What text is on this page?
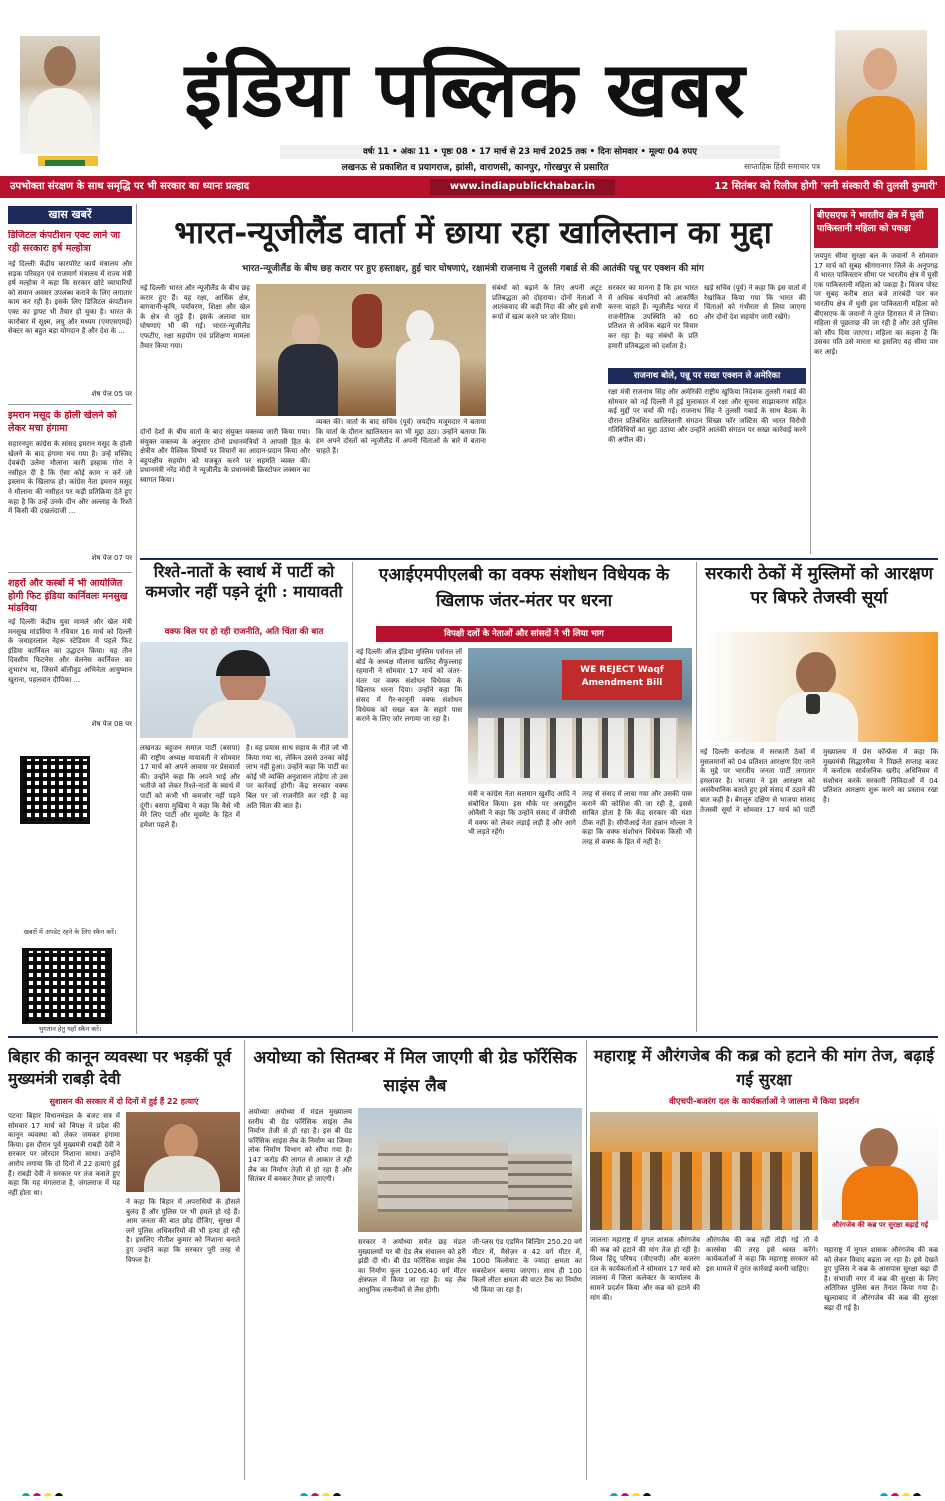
इंडिया पब्लिक खबर
वर्षः 11 • अंकः 11 • पृष्ठः 08 • 17 मार्च से 23 मार्च 2025 तक • दिनः सोमवार • मूल्यः 04 रुपए
लखनऊ से प्रकाशित व प्रयागराज, झांसी, वाराणसी, कानपुर, गोरखपुर से प्रसारित	साप्ताहिक हिंदी समाचार पत्र
उपभोक्ता संरक्षण के साथ समृद्धि पर भी सरकार का ध्यानः प्रल्हाद	www.indiapublickhabar.in	12 सितंबर को रिलीज होगी 'सनी संस्कारी की तुलसी कुमारी'
खास खबरें
डिजिटल कंपटीशन एक्ट लाने जा रही सरकारः हर्ष मल्होत्रा
नई दिल्लीः केंद्रीय कारपोरेट कार्य मंत्रालय और सड़क परिवहन एवं राजमार्ग मंत्रालय में राज्य मंत्री हर्ष मल्होत्रा ने कहा कि सरकार छोटे व्यापारियों को समान अवसर उपलब्ध कराने के लिए लगातार काम कर रही है। इसके लिए डिजिटल कंपटीशन एक्ट का ड्राफ्ट भी तैयार हो चुका है। भारत के कारोबार में सूक्ष्म, लघु और मध्यम (एमएसएमई) सेक्टर का बहुत बड़ा योगदान है और देश के ...
शेष पेज 05 पर
इमरान मसूद के होली खेलने को लेकर मचा हंगामा
सहारनपुरः कांग्रेस के सांसद इमरान मसूद के होली खेलने के बाद हंगामा मच गया है। उन्हें मस्जिद देवबंदी उलेमा मौलाना कारी इस्हाक गोरा ने नसीहत दी है कि ऐसा कोई काम न करें जो इस्लाम के खिलाफ हो। कांग्रेस नेता इमरान मसूद ने मौलाना की नसीहत पर कड़ी प्रतिक्रिया देते हुए कहा है कि उन्हें उनके दीन और अल्लाह के रिश्ते में किसी की दखलंदाजी ...
शेष पेज 07 पर
शहरों और कस्बों में भी आयोजित होगी फिट इंडिया कार्निवलः मनसुख मांडविया
नई दिल्लीः केंद्रीय युवा मामले और खेल मंत्री मनसुख मांडविया ने रविवार 16 मार्च को दिल्ली के जवाहरलाल नेहरू स्टेडियम में पहले फिट इंडिया कार्निवल का उद्घाटन किया। यह तीन दिवसीय फिटनेस और वेलनेस कार्निवल का शुभारंभ था, जिसमें बॉलीवुड अभिनेता आयुष्मान खुराना, पहलवान दीपिका ...
शेष पेज 08 पर
खबरों में अपडेट रहने के लिए स्कैन करें।
भुगतान हेतु यहाँ स्कैन करें।
भारत-न्यूजीलैंड वार्ता में छाया रहा खालिस्तान का मुद्दा
भारत-न्यूजीलैंड के बीच छह करार पर हुए हस्ताक्षर, हुई चार घोषणाएं, रक्षामंत्री राजनाथ ने तुलसी गबार्ड से की आतंकी पन्नू पर एक्शन की मांग
नई दिल्लीः भारत और न्यूजीलैंड के बीच छह करार हुए हैं। यह रक्षा, आर्थिक क्षेत्र, बागवानी-कृषि, पर्यावरण, शिक्षा और खेल के क्षेत्र से जुड़े हैं। इसके अलावा चार घोषणाएं भी की गईं। भारत-न्यूजीलैंड एफटीए, रक्षा सहयोग एवं प्रशिक्षण मामला तैयार किया गया।
दोनों देशों के बीच वार्ता के बाद संयुक्त वक्तव्य जारी किया गया। संयुक्त वक्तव्य के अनुसार दोनों प्रधानमंत्रियों ने आपसी हित के क्षेत्रीय और वैश्विक विषयों पर विचारों का आदान-प्रदान किया और बहुपक्षीय सहयोग को मजबूत करने पर सहमति व्यक्त की। प्रधानमंत्री नरेंद्र मोदी ने न्यूजीलैंड के प्रधानमंत्री क्रिस्टोफर लक्सन का स्वागत किया।
व्यक्त की। वार्ता के बाद सचिव (पूर्व) जयदीप मजूमदार ने बताया कि वार्ता के दौरान खालिस्तान का भी मुद्दा उठा। उन्होंने बताया कि हम अपने दोस्तों को न्यूजीलैंड में अपनी चिंताओं के बारे में बताना चाहते हैं।
संबंधों को बढ़ाने के लिए अपनी अटूट प्रतिबद्धता को दोहराया। दोनों नेताओं ने आतंकवाद की कड़ी निंदा की और इसे सभी रूपों में खत्म करने पर जोर दिया।
सरकार का मानना है कि हम भारत में अधिक कंपनियों को आकर्षित करना चाहते हैं। न्यूजीलैंड भारत में राजनीतिक उपस्थिति को 60 प्रतिशत से अधिक बढ़ाने पर विचार कर रहा है। यह संबंधों के प्रति हमारी प्रतिबद्धता को दर्शाता है।
खड़े सचिव (पूर्व) ने कहा कि इस वार्ता में रेखांकित किया गया कि भारत की चिंताओं को गंभीरता से लिया जाएगा और दोनों देश सहयोग जारी रखेंगे।
राजनाथ बोले, पन्नू पर सख्त एक्शन ले अमेरिका
रक्षा मंत्री राजनाथ सिंह और अमेरिकी राष्ट्रीय खुफिया निदेशक तुलसी गबार्ड की सोमवार को नई दिल्ली में हुई मुलाकात में रक्षा और सूचना साझाकरण सहित कई मुद्दों पर चर्चा की गई। राजनाथ सिंह ने तुलसी गबार्ड के साथ बैठक के दौरान प्रतिबंधित खालिस्तानी संगठन सिख्स फॉर जस्टिस की भारत विरोधी गतिविधियों का मुद्दा उठाया और उन्होंने आतंकी संगठन पर सख्त कार्रवाई करने की अपील की।
बीएसएफ ने भारतीय क्षेत्र में घुसी पाकिस्तानी महिला को पकड़ा
जयपुरः सीमा सुरक्षा बल के जवानों ने सोमवार 17 मार्च को सुबह श्रीगंगानगर जिले के अनूपगढ़ में भारत पाकिस्तान सीमा पर भारतीय क्षेत्र में घुसी एक पाकिस्तानी महिला को पकड़ा है। विजय पोस्ट पर सुबह करीब सात बजे तारबंदी पार कर भारतीय क्षेत्र में घुसी इस पाकिस्तानी महिला को बीएसएफ के जवानों ने तुरंत हिरासत में ले लिया। महिला से पूछताछ की जा रही है और उसे पुलिस को सौंप दिया जाएगा। महिला का कहना है कि उसका पति उसे मारता था इसलिए वह सीमा पार कर आई।
रिश्ते-नातों के स्वार्थ में पार्टी को कमजोर नहीं पड़ने दूंगी : मायावती
वक्फ बिल पर हो रही राजनीति, अति चिंता की बात
लखनऊः बहुजन समाज पार्टी (बसपा) की राष्ट्रीय अध्यक्ष मायावती ने सोमवार 17 मार्च को अपने आवास पर प्रेसवार्ता की। उन्होंने कहा कि अपने भाई और भतीजे को लेकर रिश्ते-नातों के स्वार्थ में पार्टी को कभी भी कमजोर नहीं पड़ने दूंगी। बसपा मुखिया ने कहा कि वैसे भी मेरे लिए पार्टी और मूवमेंट के हित में हमेशा पहले हैं।
है। यह प्रयास साथ सहाय के नीते जो भी किया गया था, लेकिन उससे उनका कोई लाभ नहीं हुआ। उन्होंने कहा कि पार्टी का कोई भी व्यक्ति अनुशासन तोड़ेगा तो उस पर कार्रवाई होगी। केंद्र सरकार वक्फ बिल पर जो राजनीति कर रही है वह अति चिंता की बात है।
एआईएमपीएलबी का वक्फ संशोधन विधेयक के खिलाफ जंतर-मंतर पर धरना
विपक्षी दलों के नेताओं और सांसदों ने भी लिया भाग
नई दिल्लीः ऑल इंडिया मुस्लिम पर्सनल लॉ बोर्ड के अध्यक्ष मौलाना खालिद सैफुल्लाह रहमानी ने सोमवार 17 मार्च को जंतर-मंतर पर वक्फ संशोधन विधेयक के खिलाफ धरना दिया। उन्होंने कहा कि संसद में गैर-कानूनी वक्फ संशोधन विधेयक को सख्त बल के सहारे पास कराने के लिए जोर लगाया जा रहा है।
WE REJECT Waqf Amendment Bill
मंत्री व कांग्रेस नेता सलमान खुर्शीद आदि ने संबोधित किया। इस मौके पर असदुद्दीन ओवैसी ने कहा कि उन्होंने संसद में जेपीसी में वक्फ को लेकर लड़ाई लड़ी है और आगे भी लड़ते रहेंगे।
तरह से संसद में लाया गया और उसकी पास कराने की कोशिश की जा रही है, इससे साबित होता है कि केंद्र सरकार की मंशा ठीक नहीं है। सीपीआई नेता हन्नान मोल्ला ने कहा कि वक्फ संशोधन विधेयक किसी भी तरह से वक्फ के हित में नहीं है।
सरकारी ठेकों में मुस्लिमों को आरक्षण पर बिफरे तेजस्वी सूर्या
नई दिल्लीः कर्नाटक में सरकारी ठेकों में मुसलमानों को 04 प्रतिशत आरक्षण दिए जाने के मुद्दे पर भारतीय जनता पार्टी लगातार हमलावर है। भाजपा ने इस आरक्षण को असंवैधानिक बताते हुए इसे संसद में उठाने की बात कही है। बेंगलुरु दक्षिण से भाजपा सांसद तेजस्वी सूर्या ने सोमवार 17 मार्च को पार्टी मुख्यालय में प्रेस कॉन्फ्रेंस में कहा कि मुख्यमंत्री सिद्धारमैया ने पिछले सप्ताह बजट में कर्नाटक सार्वजनिक खरीद अधिनियम में संशोधन करके सरकारी निविदाओं में 04 प्रतिशत आरक्षण शुरू करने का प्रस्ताव रखा है।
बिहार की कानून व्यवस्था पर भड़कीं पूर्व मुख्यमंत्री राबड़ी देवी
सुशासन की सरकार में दो दिनों में हुई हैं 22 हत्याएं
पटनाः बिहार विधानमंडल के बजट सत्र में सोमवार 17 मार्च को विपक्ष ने प्रदेश की कानून व्यवस्था को लेकर जमकर हंगामा किया। इस दौरान पूर्व मुख्यमंत्री राबड़ी देवी ने सरकार पर जोरदार निशाना साधा। उन्होंने आरोप लगाया कि दो दिनों में 22 हत्याएं हुई हैं। राबड़ी देवी ने सरकार पर तंज कसते हुए कहा कि यह मंगलराज है, जंगलराज में यह नहीं होता था।
ने कहा कि बिहार में अपराधियों के हौसले बुलंद हैं और पुलिस पर भी हमले हो रहे हैं। आम जनता की बात छोड़ दीजिए, सुरक्षा में लगे पुलिस अधिकारियों की भी हत्या हो रही है। इसलिए नीतीश कुमार को निशाना बनाते हुए उन्होंने कहा कि सरकार पूरी तरह से विफल है।
अयोध्या को सितम्बर में मिल जाएगी बी ग्रेड फॉरेंसिक साइंस लैब
अयोध्याः अयोध्या में मंडल मुख्यालय स्तरीय बी ग्रेड फॉरेंसिक साइंस लैब निर्माण तेजी से हो रहा है। इस बी ग्रेड फॉरेंसिक साइंस लैब के निर्माण का जिम्मा लोक निर्माण विभाग को सौंपा गया है। 147 करोड़ की लागत से आकार ले रही लैब का निर्माण तेज़ी से हो रहा है और सितंबर में बनकर तैयार हो जाएगी।
सरकार ने अयोध्या समेत छह मंडल मुख्यालयों पर बी ग्रेड लैब संचालन को हरी झंडी दी थी। बी ग्रेड फॉरेंसिक साइंस लैब का निर्माण कुल 10266.40 वर्ग मीटर क्षेत्रफल में किया जा रहा है। यह लैब आधुनिक तकनीकों से लैस होगी।
जी-प्लस एंड एडमिन बिल्डिंग 250.20 वर्ग मीटर में, मैसेज़र व 42 वर्ग मीटर में, 1000 किलोवाट के ज्यादा क्षमता का सबस्टेशन बनाया जाएगा। साथ ही 100 किलो लीटर क्षमता की वाटर टैंक का निर्माण भी किया जा रहा है।
महाराष्ट्र में औरंगजेब की कब्र को हटाने की मांग तेज, बढ़ाई गई सुरक्षा
वीएचपी-बजरंग दल के कार्यकर्ताओं ने जालना में किया प्रदर्शन
औरंगजेब की कब्र पर सुरक्षा बढ़ाई गई
जालनाः महाराष्ट्र में मुगल शासक औरंगजेब की कब्र को हटाने की मांग तेज हो रही है। विश्व हिंदू परिषद (वीएचपी) और बजरंग दल के कार्यकर्ताओं ने सोमवार 17 मार्च को जालना में जिला कलेक्टर के कार्यालय के सामने प्रदर्शन किया और कब्र को हटाने की मांग की।
औरंगजेब की कब्र नहीं तोड़ी गई तो वे कारसेवा की तरह इसे ध्वस्त करेंगे। कार्यकर्ताओं ने कहा कि महाराष्ट्र सरकार को इस मामले में तुरंत कार्रवाई करनी चाहिए।
महाराष्ट्र में मुगल शासक औरंगजेब की कब्र को लेकर विवाद बढ़ता जा रहा है। इसे देखते हुए पुलिस ने कब्र के आसपास सुरक्षा बढ़ा दी है। संभाजी नगर में कब्र की सुरक्षा के लिए अतिरिक्त पुलिस बल तैनात किया गया है। खुल्दाबाद में औरंगजेब की कब्र की सुरक्षा बढ़ा दी गई है।
